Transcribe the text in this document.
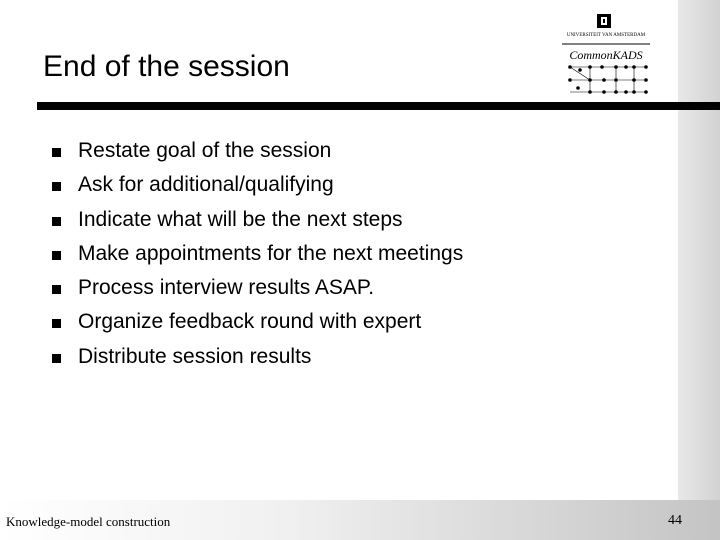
End of the session
UNIVERSITEIT VAN AMSTERDAM
CommonKADS
Restate goal of the session
Ask for additional/qualifying
Indicate what will be the next steps
Make appointments for the next meetings
Process interview results ASAP.
Organize feedback round with expert
Distribute session results
Knowledge-model construction	44
